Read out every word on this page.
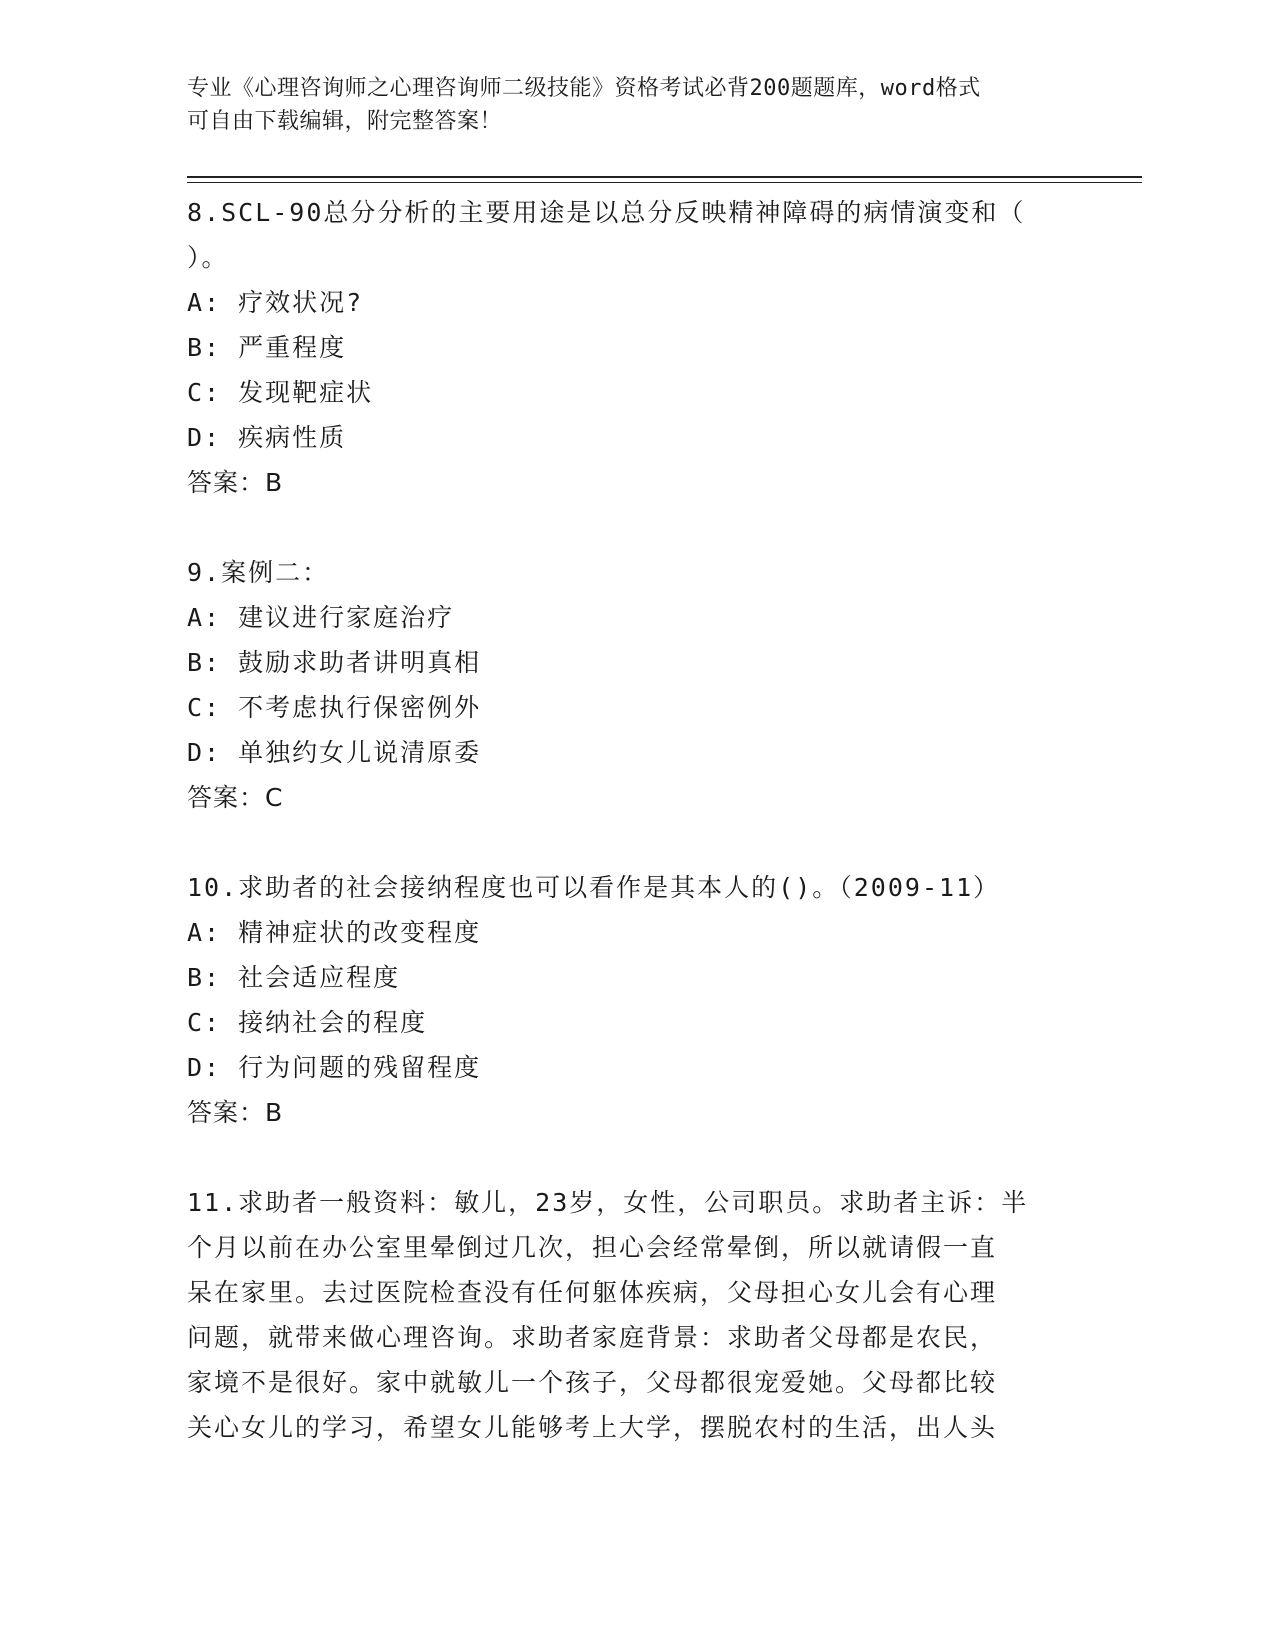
专业《心理咨询师之心理咨询师二级技能》资格考试必背200题题库，word格式
可自由下载编辑，附完整答案！
8.SCL-90总分分析的主要用途是以总分反映精神障碍的病情演变和（
）。
A: 疗效状况?
B: 严重程度
C: 发现靶症状
D: 疾病性质
答案：B
9.案例二：
A: 建议进行家庭治疗
B: 鼓励求助者讲明真相
C: 不考虑执行保密例外
D: 单独约女儿说清原委
答案：C
10.求助者的社会接纳程度也可以看作是其本人的()。（2009-11）
A: 精神症状的改变程度
B: 社会适应程度
C: 接纳社会的程度
D: 行为问题的残留程度
答案：B
11.求助者一般资料：敏儿，23岁，女性，公司职员。求助者主诉：半
个月以前在办公室里晕倒过几次，担心会经常晕倒，所以就请假一直
呆在家里。去过医院检查没有任何躯体疾病，父母担心女儿会有心理
问题，就带来做心理咨询。求助者家庭背景：求助者父母都是农民，
家境不是很好。家中就敏儿一个孩子，父母都很宠爱她。父母都比较
关心女儿的学习，希望女儿能够考上大学，摆脱农村的生活，出人头
